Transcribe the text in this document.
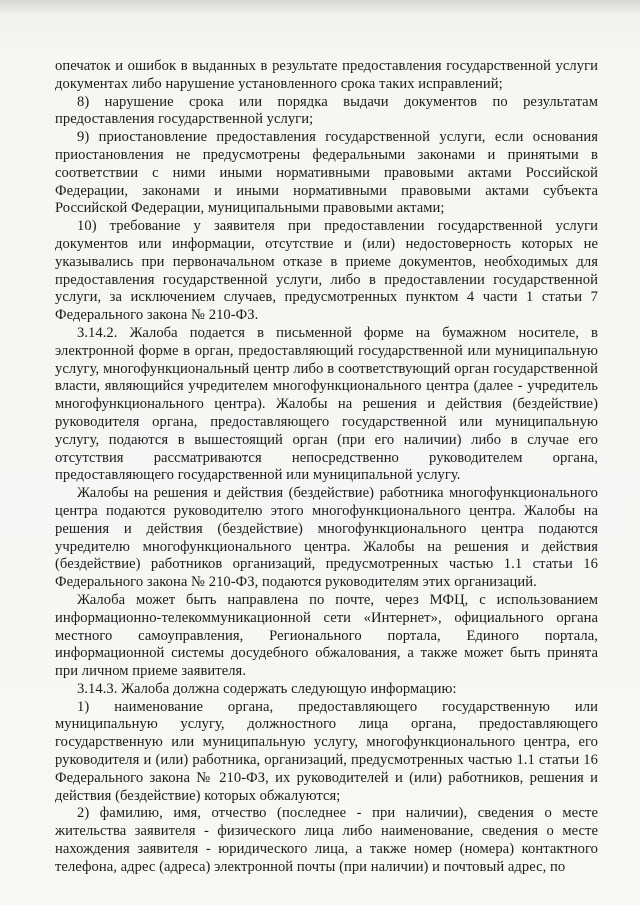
опечаток и ошибок в выданных в результате предоставления государственной услуги документах либо нарушение установленного срока таких исправлений;

8) нарушение срока или порядка выдачи документов по результатам предоставления государственной услуги;

9) приостановление предоставления государственной услуги, если основания приостановления не предусмотрены федеральными законами и принятыми в соответствии с ними иными нормативными правовыми актами Российской Федерации, законами и иными нормативными правовыми актами субъекта Российской Федерации, муниципальными правовыми актами;

10) требование у заявителя при предоставлении государственной услуги документов или информации, отсутствие и (или) недостоверность которых не указывались при первоначальном отказе в приеме документов, необходимых для предоставления государственной услуги, либо в предоставлении государственной услуги, за исключением случаев, предусмотренных пунктом 4 части 1 статьи 7 Федерального закона № 210-ФЗ.

3.14.2. Жалоба подается в письменной форме на бумажном носителе, в электронной форме в орган, предоставляющий государственной или муниципальную услугу, многофункциональный центр либо в соответствующий орган государственной власти, являющийся учредителем многофункционального центра (далее - учредитель многофункционального центра). Жалобы на решения и действия (бездействие) руководителя органа, предоставляющего государственной или муниципальную услугу, подаются в вышестоящий орган (при его наличии) либо в случае его отсутствия рассматриваются непосредственно руководителем органа, предоставляющего государственной или муниципальной услугу.

Жалобы на решения и действия (бездействие) работника многофункционального центра подаются руководителю этого многофункционального центра. Жалобы на решения и действия (бездействие) многофункционального центра подаются учредителю многофункционального центра. Жалобы на решения и действия (бездействие) работников организаций, предусмотренных частью 1.1 статьи 16 Федерального закона № 210-ФЗ, подаются руководителям этих организаций.

Жалоба может быть направлена по почте, через МФЦ, с использованием информационно-телекоммуникационной сети «Интернет», официального органа местного самоуправления, Регионального портала, Единого портала, информационной системы досудебного обжалования, а также может быть принята при личном приеме заявителя.

3.14.3. Жалоба должна содержать следующую информацию:

1) наименование органа, предоставляющего государственную или муниципальную услугу, должностного лица органа, предоставляющего государственную или муниципальную услугу, многофункционального центра, его руководителя и (или) работника, организаций, предусмотренных частью 1.1 статьи 16 Федерального закона № 210-ФЗ, их руководителей и (или) работников, решения и действия (бездействие) которых обжалуются;

2) фамилию, имя, отчество (последнее - при наличии), сведения о месте жительства заявителя - физического лица либо наименование, сведения о месте нахождения заявителя - юридического лица, а также номер (номера) контактного телефона, адрес (адреса) электронной почты (при наличии) и почтовый адрес, по
